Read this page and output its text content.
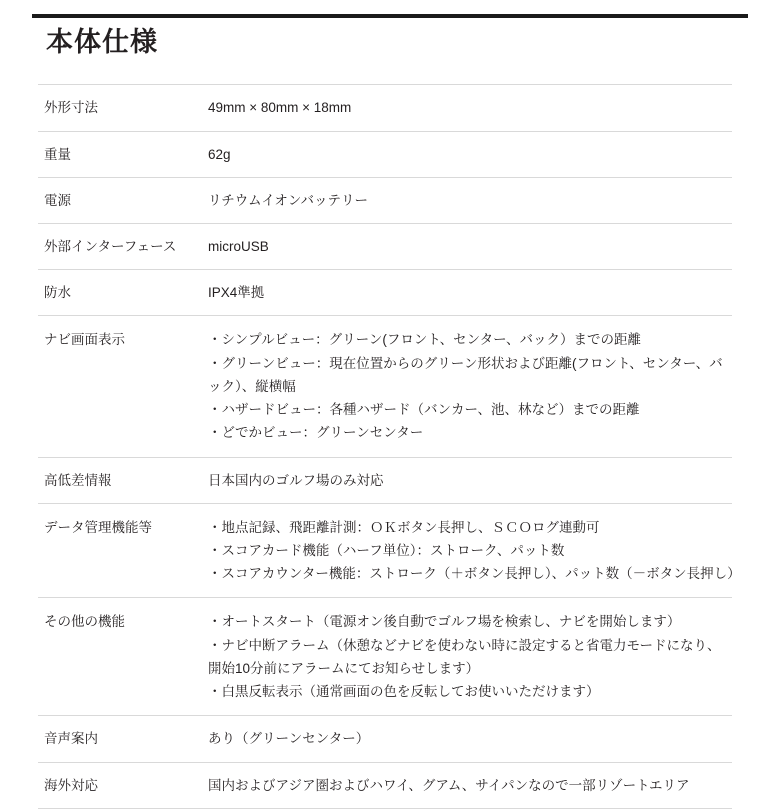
本体仕様
外形寸法	49mm × 80mm × 18mm

重量	62g

電源	リチウムイオンバッテリー

外部インターフェース	microUSB

防水	IPX4準拠

ナビ画面表示	・シンプルビュー：グリーン(フロント、センター、バック）までの距離
・グリーンビュー：現在位置からのグリーン形状および距離(フロント、センター、バック）、縦横幅
・ハザードビュー：各種ハザード（バンカー、池、林など）までの距離
・どでかビュー：グリーンセンター

高低差情報	日本国内のゴルフ場のみ対応

データ管理機能等	・地点記録、飛距離計測：ＯＫボタン長押し、ＳＣＯログ連動可
・スコアカード機能（ハーフ単位）：ストローク、パット数
・スコアカウンター機能：ストローク（＋ボタン長押し）、パット数（－ボタン長押し）

その他の機能	・オートスタート（電源オン後自動でゴルフ場を検索し、ナビを開始します）
・ナビ中断アラーム（休憩などナビを使わない時に設定すると省電力モードになり、開始10分前にアラームにてお知らせします）
・白黒反転表示（通常画面の色を反転してお使いいただけます）

音声案内	あり（グリーンセンター）

海外対応	国内およびアジア圏およびハワイ、グアム、サイパンなので一部リゾートエリア
